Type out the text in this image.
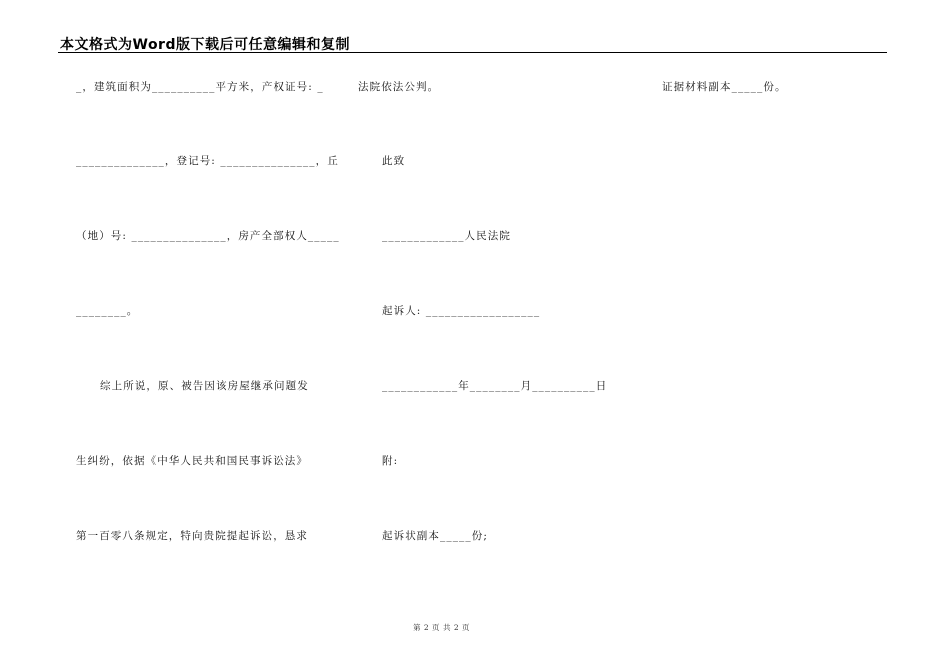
本文格式为Word版下载后可任意编辑和复制
_，建筑面积为__________平方米，产权证号: _
______________，登记号: _______________，丘
（地）号: _______________，房产全部权人_____
________。
综上所说，原、被告因该房屋继承问题发
生纠纷，依据《中华人民共和国民事诉讼法》
第一百零八条规定，特向贵院提起诉讼，恳求
法院依法公判。
此致
_____________人民法院
起诉人: __________________
____________年________月__________日
附:
起诉状副本_____份;
证据材料副本_____份。
第 2 页 共 2 页
